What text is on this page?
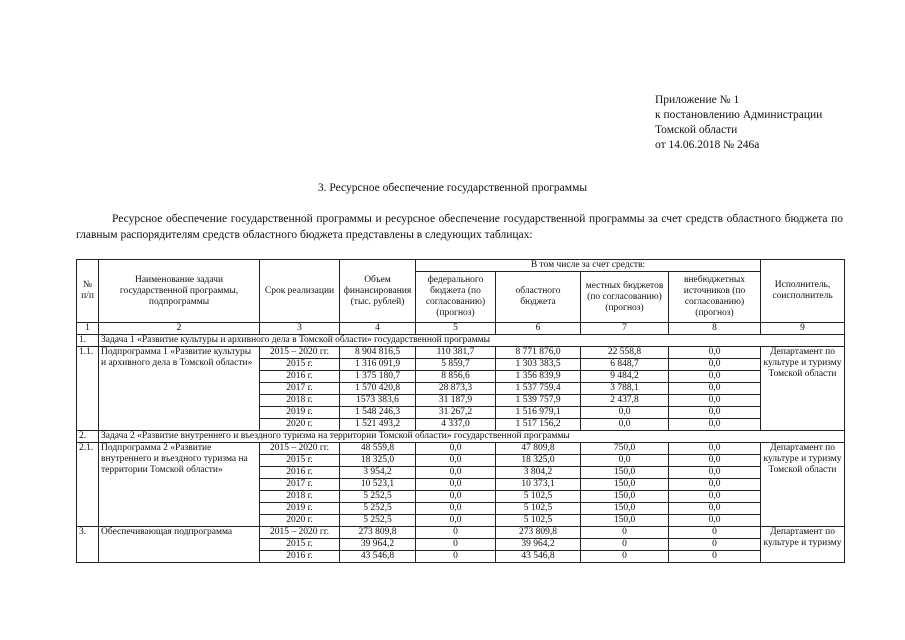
Приложение № 1
к постановлению Администрации
Томской области
от 14.06.2018 № 246а
3. Ресурсное обеспечение государственной программы
Ресурсное обеспечение государственной программы и ресурсное обеспечение государственной программы за счет средств областного бюджета по главным распорядителям средств областного бюджета представлены в следующих таблицах:
№ п/п	Наименование задачи государственной программы, подпрограммы	Срок реализации	Объем финансирования (тыс. рублей)	В том числе за счет средств:				Исполнитель, соисполнитель
				федерального бюджета (по согласованию) (прогноз)	областного бюджета	местных бюджетов (по согласованию) (прогноз)	внебюджетных источников (по согласованию) (прогноз)	
1	2	3	4	5	6	7	8	9
1.	Задача 1 «Развитие культуры и архивного дела в Томской области» государственной программы							
1.1.	Подпрограмма 1 «Развитие культуры и архивного дела в Томской области»	2015 – 2020 гг.	8 904 816,5	110 381,7	8 771 876,0	22 558,8	0,0	Департамент по культуре и туризму Томской области
		2015 г.	1 316 091,9	5 859,7	1 303 383,5	6 848,7	0,0	
		2016 г.	1 375 180,7	8 856,6	1 356 839,9	9 484,2	0,0	
		2017 г.	1 570 420,8	28 873,3	1 537 759,4	3 788,1	0,0	
		2018 г.	1573 383,6	31 187,9	1 539 757,9	2 437,8	0,0	
		2019 г.	1 548 246,3	31 267,2	1 516 979,1	0,0	0,0	
		2020 г.	1 521 493,2	4 337,0	1 517 156,2	0,0	0,0	
2.	Задача 2 «Развитие внутреннего и въездного туризма на территории Томской области» государственной программы							
2.1.	Подпрограмма 2 «Развитие внутреннего и въездного туризма на территории Томской области»	2015 – 2020 гг.	48 559,8	0,0	47 809,8	750,0	0,0	Департамент по культуре и туризму Томской области
		2015 г.	18 325,0	0,0	18 325,0	0,0	0,0	
		2016 г.	3 954,2	0,0	3 804,2	150,0	0,0	
		2017 г.	10 523,1	0,0	10 373,1	150,0	0,0	
		2018 г.	5 252,5	0,0	5 102,5	150,0	0,0	
		2019 г.	5 252,5	0,0	5 102,5	150,0	0,0	
		2020 г.	5 252,5	0,0	5 102,5	150,0	0,0	
3.	Обеспечивающая подпрограмма	2015 – 2020 гг.	273 809,8	0	273 809,8	0	0	Департамент по культуре и туризму
		2015 г.	39 964,2	0	39 964,2	0	0	
		2016 г.	43 546,8	0	43 546,8	0	0	
